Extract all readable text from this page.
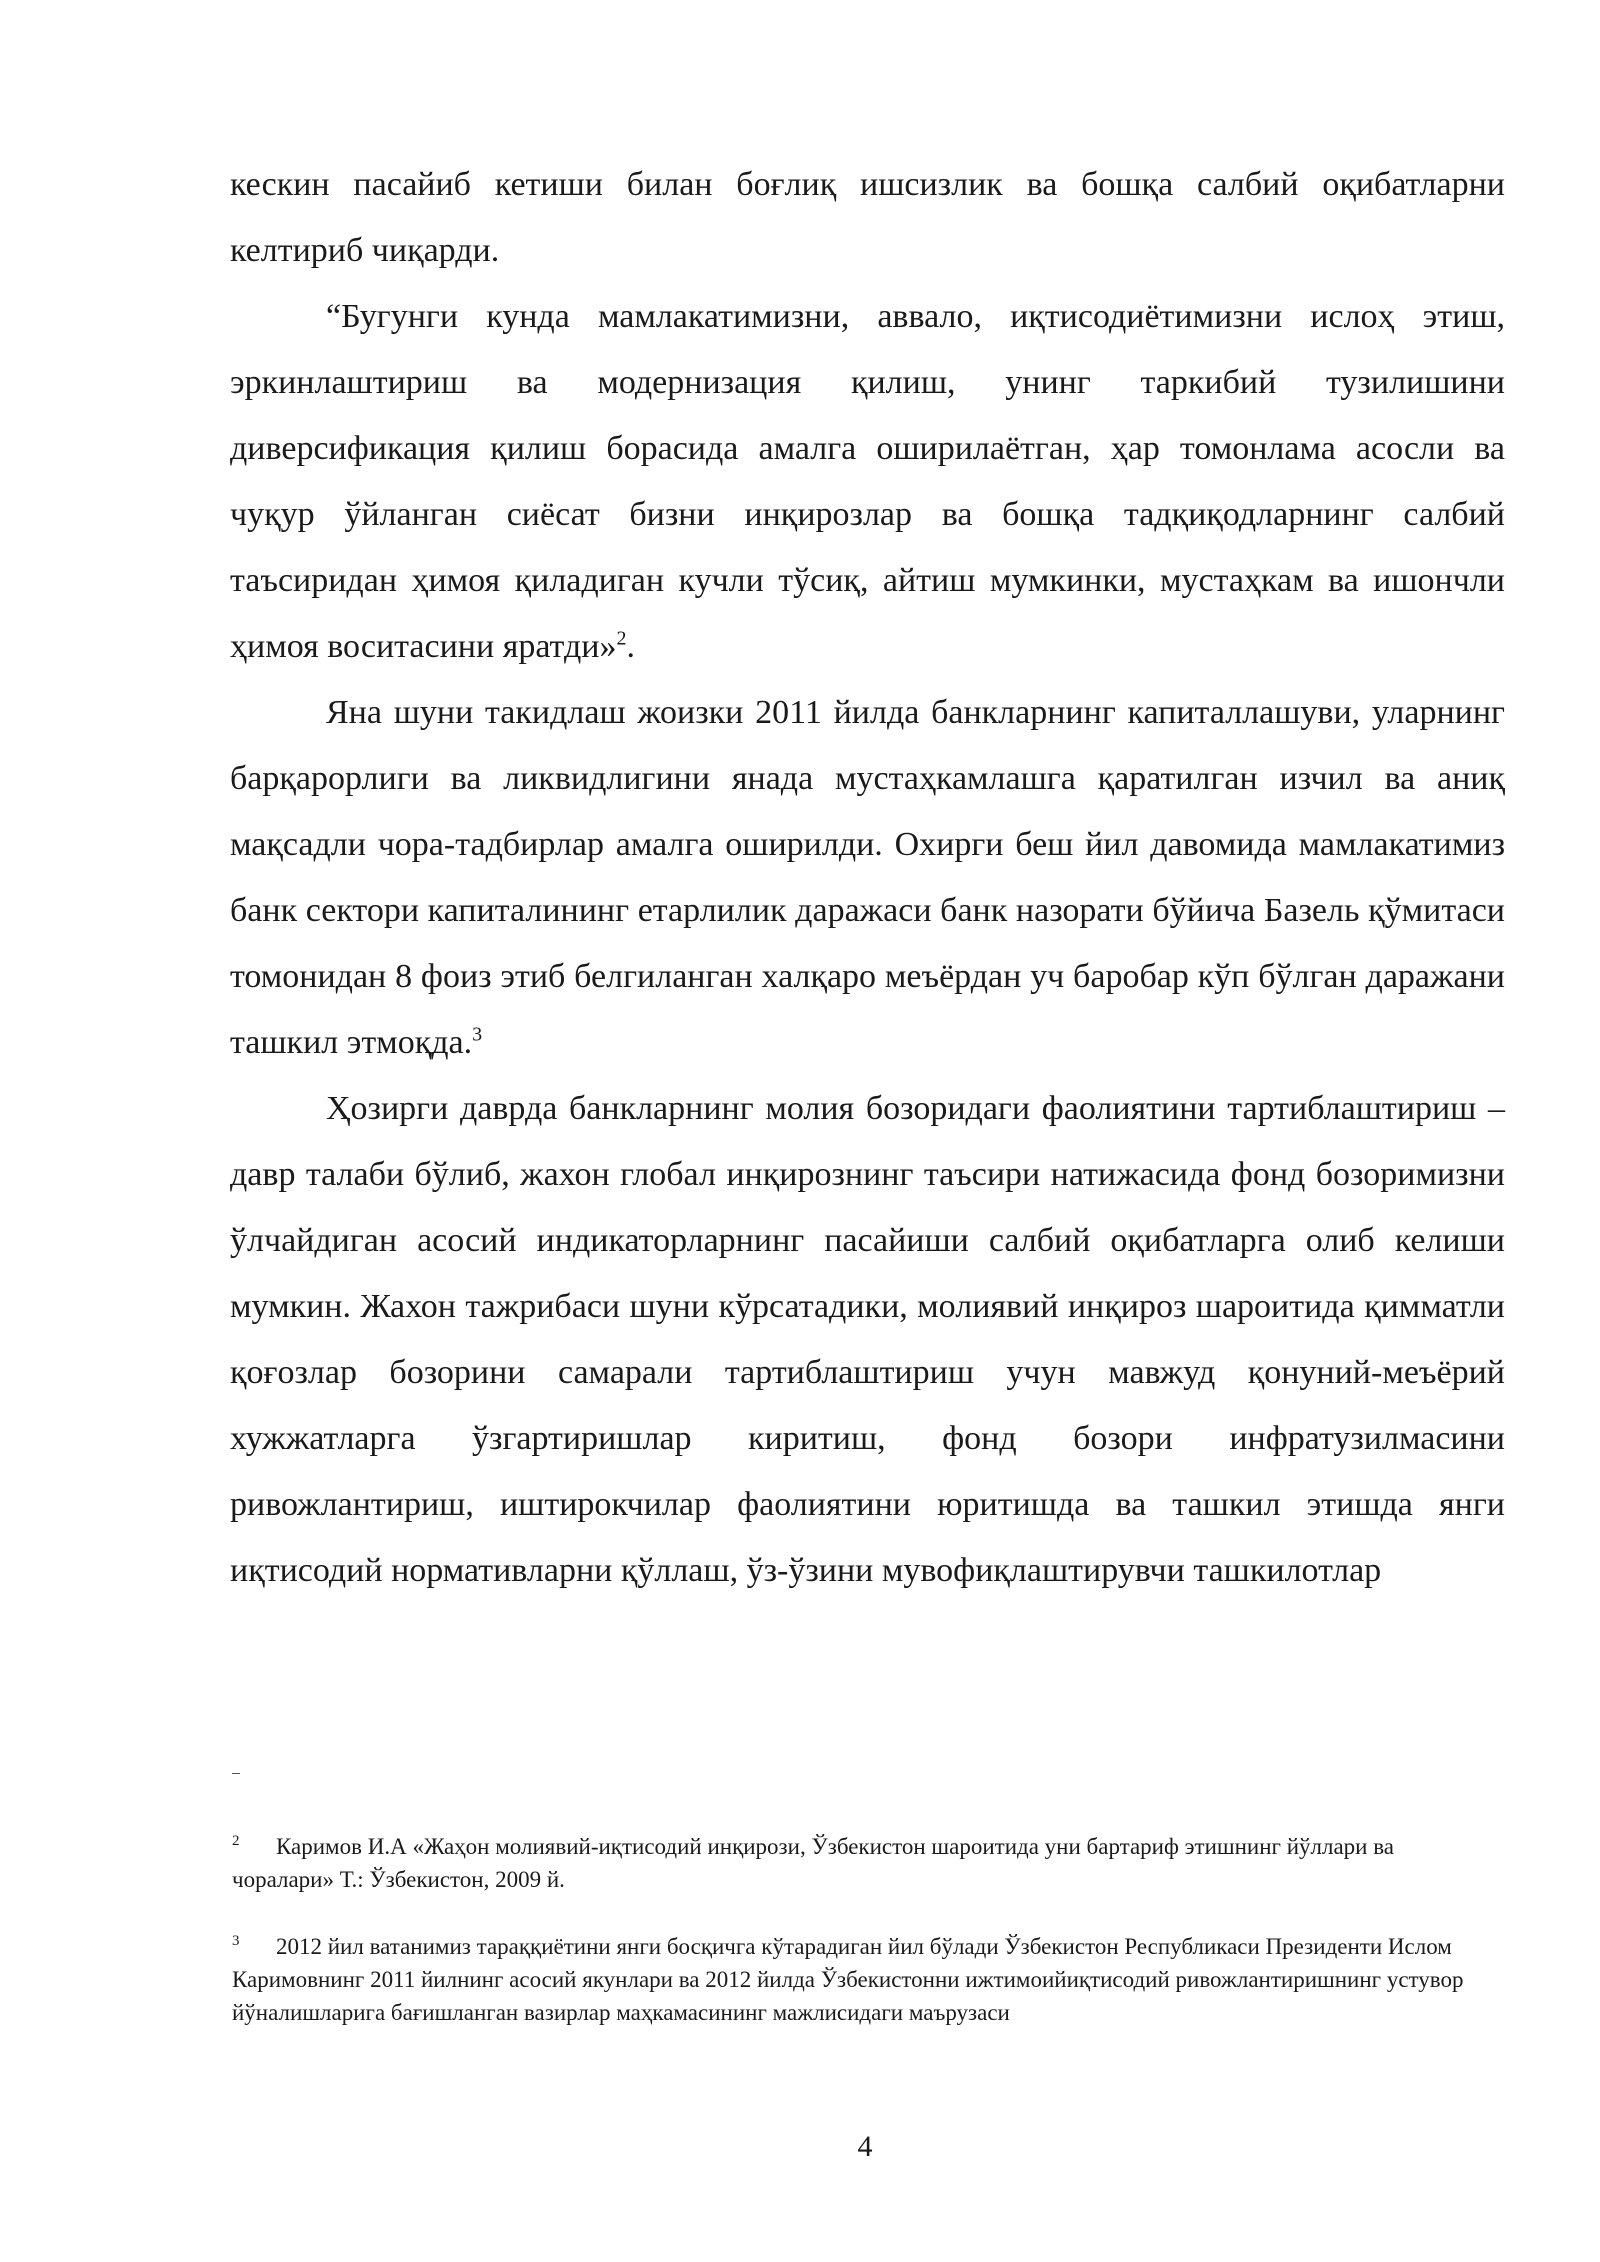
кескин пасайиб кетиши билан боғлиқ ишсизлик ва бошқа салбий оқибатларни келтириб чиқарди.

“Бугунги кунда мамлакатимизни, аввало, иқтисодиётимизни ислоҳ этиш, эркинлаштириш ва модернизация қилиш, унинг таркибий тузилишини диверсификация қилиш борасида амалга оширилаётган, ҳар томонлама асосли ва чуқур ўйланган сиёсат бизни инқирозлар ва бошқа тадқиқодларнинг салбий таъсиридан ҳимоя қиладиган кучли тўсиқ, айтиш мумкинки, мустаҳкам ва ишончли ҳимоя воситасини яратди»$^2$.

Яна шуни такидлаш жоизки 2011 йилда банкларнинг капиталлашуви, уларнинг барқарорлиги ва ликвидлигини янада мустаҳкамлашга қаратилган изчил ва аниқ мақсадли чора-тадбирлар амалга оширилди. Охирги беш йил давомида мамлакатимиз банк сектори капиталининг етарлилик даражаси банк назорати бўйича Базель қўмитаси томонидан 8 фоиз этиб белгиланган халқаро меъёрдан уч баробар кўп бўлган даражани ташкил этмоқда.$^3$

Ҳозирги даврда банкларнинг молия бозоридаги фаолиятини тартиблаштириш – давр талаби бўлиб, жахон глобал инқирознинг таъсири натижасида фонд бозоримизни ўлчайдиган асосий индикаторларнинг пасайиши салбий оқибатларга олиб келиши мумкин. Жахон тажрибаси шуни кўрсатадики, молиявий инқироз шароитида қимматли қоғозлар бозорини самарали тартиблаштириш учун мавжуд қонуний-меъёрий хужжатларга ўзгартиришлар киритиш, фонд бозори инфратузилмасини ривожлантириш, иштирокчилар фаолиятини юритишда ва ташкил этишда янги иқтисодий нормативларни қўллаш, ўз-ўзини мувофиқлаштирувчи ташкилотлар

2 Каримов И.А «Жаҳон молиявий-иқтисодий инқирози, Ўзбекистон шароитида уни бартариф этишнинг йўллари ва чоралари» Т.: Ўзбекистон, 2009 й.

3 2012 йил ватанимиз тараққиётини янги босқичга кўтарадиган йил бўлади Ўзбекистон Республикаси Президенти Ислом Каримовнинг 2011 йилнинг асосий якунлари ва 2012 йилда Ўзбекистонни ижтимоийиқтисодий ривожлантиришнинг устувор йўналишларига бағишланган вазирлар маҳкамасининг мажлисидаги маърузаси

4
